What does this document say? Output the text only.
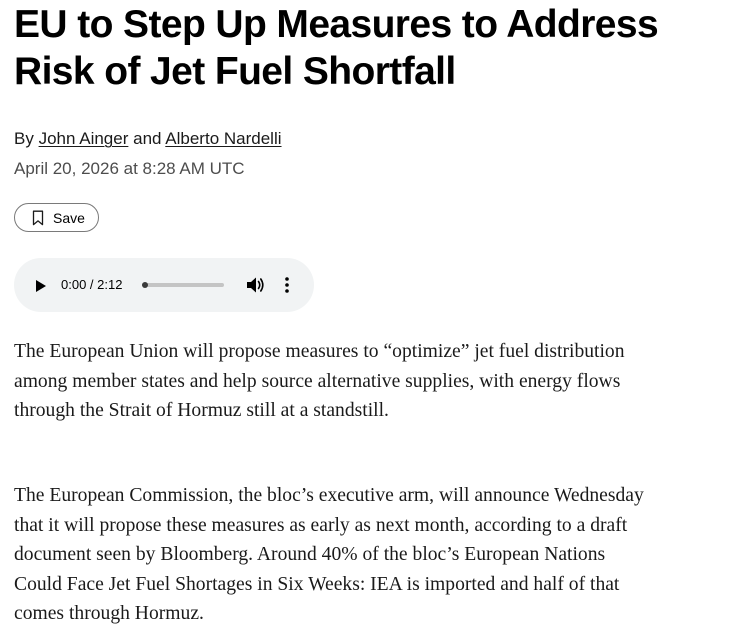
EU to Step Up Measures to Address
Risk of Jet Fuel Shortfall
By John Ainger and Alberto Nardelli
April 20, 2026 at 8:28 AM UTC
Save
0:00 / 2:12

The European Union will propose measures to “optimize” jet fuel distribution among member states and help source alternative supplies, with energy flows through the Strait of Hormuz still at a standstill.

The European Commission, the bloc’s executive arm, will announce Wednesday that it will propose these measures as early as next month, according to a draft document seen by Bloomberg. Around 40% of the bloc’s European Nations Could Face Jet Fuel Shortages in Six Weeks: IEA is imported and half of that comes through Hormuz.
